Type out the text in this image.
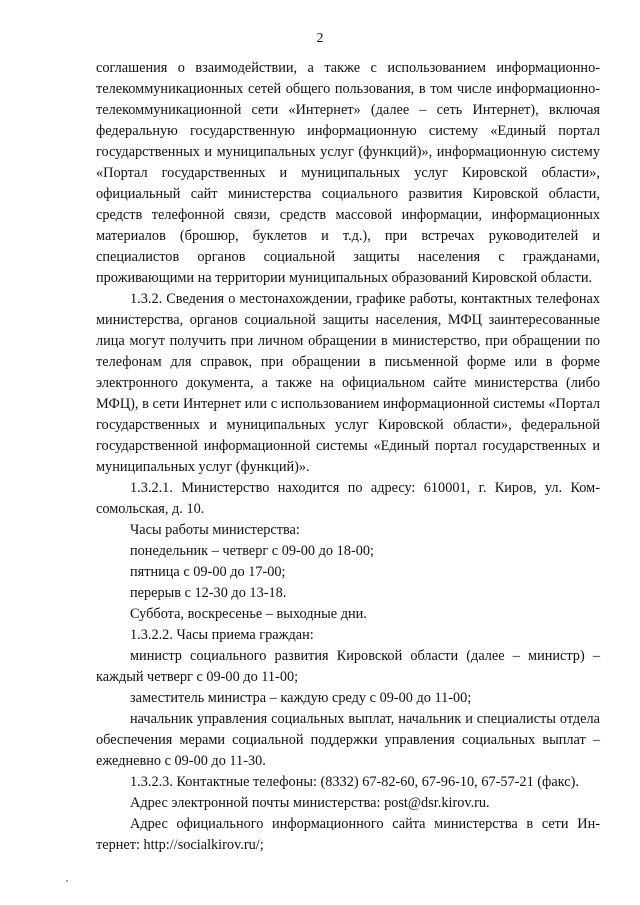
2

соглашения о взаимодействии, а также с использованием информационно-телекоммуникационных сетей общего пользования, в том числе информационно-телекоммуникационной сети «Интернет» (далее – сеть Интернет), включая федеральную государственную информационную систему «Единый портал государственных и муниципальных услуг (функций)», информационную систему «Портал государственных и муниципальных услуг Кировской области», официальный сайт министерства социального развития Кировской области, средств телефонной связи, средств массовой информации, информационных материалов (брошюр, буклетов и т.д.), при встречах руководителей и специалистов органов социальной защиты населения с гражданами, проживающими на территории муниципальных образований Кировской области.

1.3.2. Сведения о местонахождении, графике работы, контактных телефонах министерства, органов социальной защиты населения, МФЦ заинтересованные лица могут получить при личном обращении в министерство, при обращении по телефонам для справок, при обращении в письменной форме или в форме электронного документа, а также на официальном сайте министерства (либо МФЦ), в сети Интернет или с использованием информационной системы «Портал государственных и муниципальных услуг Кировской области», федеральной государственной информационной системы «Единый портал государственных и муниципальных услуг (функций)».

1.3.2.1. Министерство находится по адресу: 610001, г. Киров, ул. Комсомольская, д. 10.

Часы работы министерства:

понедельник – четверг с 09-00 до 18-00;

пятница с 09-00 до 17-00;

перерыв с 12-30 до 13-18.

Суббота, воскресенье – выходные дни.

1.3.2.2. Часы приема граждан:

министр социального развития Кировской области (далее – министр) – каждый четверг с 09-00 до 11-00;

заместитель министра – каждую среду с 09-00 до 11-00;

начальник управления социальных выплат, начальник и специалисты отдела обеспечения мерами социальной поддержки управления социальных выплат – ежедневно с 09-00 до 11-30.

1.3.2.3. Контактные телефоны: (8332) 67-82-60, 67-96-10, 67-57-21 (факс).

Адрес электронной почты министерства: post@dsr.kirov.ru.

Адрес официального информационного сайта министерства в сети Интернет: http://socialkirov.ru/;
